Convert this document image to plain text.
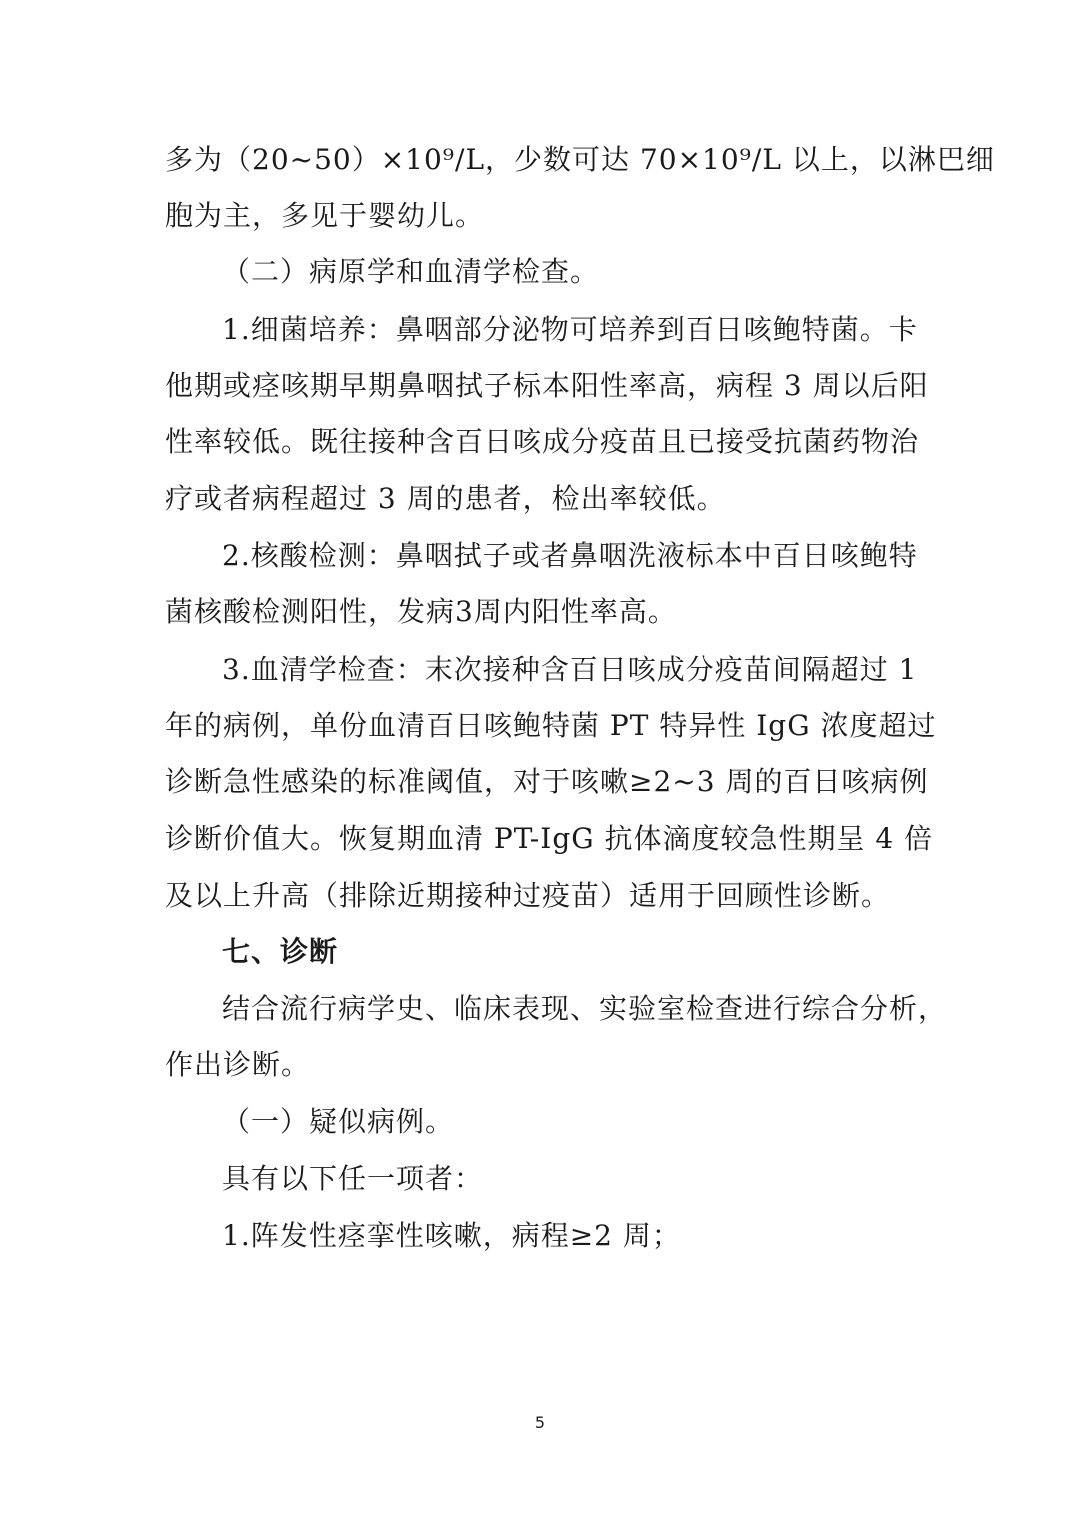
多为（20~50）×10⁹/L，少数可达 70×10⁹/L 以上，以淋巴细
胞为主，多见于婴幼儿。
（二）病原学和血清学检查。
1.细菌培养：鼻咽部分泌物可培养到百日咳鲍特菌。卡
他期或痉咳期早期鼻咽拭子标本阳性率高，病程 3 周以后阳
性率较低。既往接种含百日咳成分疫苗且已接受抗菌药物治
疗或者病程超过 3 周的患者，检出率较低。
2.核酸检测：鼻咽拭子或者鼻咽洗液标本中百日咳鲍特
菌核酸检测阳性，发病3周内阳性率高。
3.血清学检查：末次接种含百日咳成分疫苗间隔超过 1
年的病例，单份血清百日咳鲍特菌 PT 特异性 IgG 浓度超过
诊断急性感染的标准阈值，对于咳嗽≥2~3 周的百日咳病例
诊断价值大。恢复期血清 PT-IgG 抗体滴度较急性期呈 4 倍
及以上升高（排除近期接种过疫苗）适用于回顾性诊断。
七、诊断
结合流行病学史、临床表现、实验室检查进行综合分析，
作出诊断。
（一）疑似病例。
具有以下任一项者：
1.阵发性痉挛性咳嗽，病程≥2 周；
5
